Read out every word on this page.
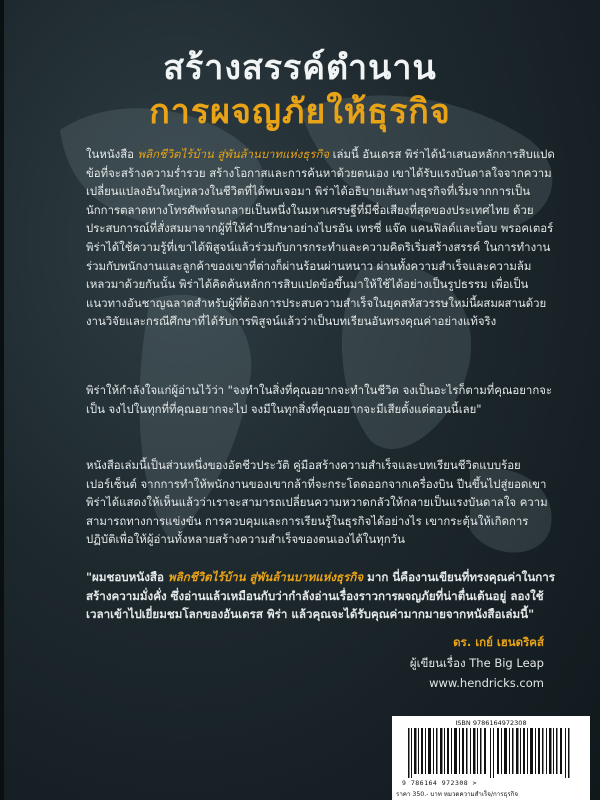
สร้างสรรค์ตำนาน
การผจญภัยให้ธุรกิจ
ในหนังสือ พลิกชีวิตไร้บ้าน สู่พันล้านบาทแห่งธุรกิจ เล่มนี้ อันเดรส พิร่าได้นำเสนอหลักการสิบแปดข้อที่จะสร้างความร่ำรวย สร้างโอกาสและการค้นหาด้วยตนเอง เขาได้รับแรงบันดาลใจจากความเปลี่ยนแปลงอันใหญ่หลวงในชีวิตที่ได้พบเจอมา พิร่าได้อธิบายเส้นทางธุรกิจที่เริ่มจากการเป็นนักการตลาดทางโทรศัพท์จนกลายเป็นหนึ่งในมหาเศรษฐีที่มีชื่อเสียงที่สุดของประเทศไทย ด้วยประสบการณ์ที่สั่งสมมาจากผู้ที่ให้คำปรึกษาอย่างไบรอัน เทรซี่ แจ๊ค แคนฟิลด์และบ็อบ พรอคเตอร์ พิร่าได้ใช้ความรู้ที่เขาได้พิสูจน์แล้วร่วมกับการกระทำและความคิดริเริ่มสร้างสรรค์ ในการทำงานร่วมกับพนักงานและลูกค้าของเขาที่ต่างก็ผ่านร้อนผ่านหนาว ผ่านทั้งความสำเร็จและความล้มเหลวมาด้วยกันนั้น พิร่าได้คิดค้นหลักการสิบแปดข้อขึ้นมาให้ใช้ได้อย่างเป็นรูปธรรม เพื่อเป็นแนวทางอันชาญฉลาดสำหรับผู้ที่ต้องการประสบความสำเร็จในยุคสหัสวรรษใหม่นี้ผสมผสานด้วยงานวิจัยและกรณีศึกษาที่ได้รับการพิสูจน์แล้วว่าเป็นบทเรียนอันทรงคุณค่าอย่างแท้จริง
พิร่าให้กำลังใจแก่ผู้อ่านไว้ว่า "จงทำในสิ่งที่คุณอยากจะทำในชีวิต จงเป็นอะไรก็ตามที่คุณอยากจะเป็น จงไปในทุกที่ที่คุณอยากจะไป จงมีในทุกสิ่งที่คุณอยากจะมีเสียตั้งแต่ตอนนี้เลย"
หนังสือเล่มนี้เป็นส่วนหนึ่งของอัตชีวประวัติ คู่มือสร้างความสำเร็จและบทเรียนชีวิตแบบร้อยเปอร์เซ็นต์ จากการทำให้พนักงานของเขากล้าที่จะกระโดดออกจากเครื่องบิน ปีนขึ้นไปสู่ยอดเขา พิร่าได้แสดงให้เห็นแล้วว่าเราจะสามารถเปลี่ยนความหวาดกลัวให้กลายเป็นแรงบันดาลใจ ความสามารถทางการแข่งขัน การควบคุมและการเรียนรู้ในธุรกิจได้อย่างไร เขากระตุ้นให้เกิดการปฏิบัติเพื่อให้ผู้อ่านทั้งหลายสร้างความสำเร็จของตนเองได้ในทุกวัน
"ผมชอบหนังสือ พลิกชีวิตไร้บ้าน สู่พันล้านบาทแห่งธุรกิจ มาก นี่คืองานเขียนที่ทรงคุณค่าในการสร้างความมั่งคั่ง ซึ่งอ่านแล้วเหมือนกับว่ากำลังอ่านเรื่องราวการผจญภัยที่น่าตื่นเต้นอยู่ ลองใช้เวลาเข้าไปเยี่ยมชมโลกของอันเดรส พิร่า แล้วคุณจะได้รับคุณค่ามากมายจากหนังสือเล่มนี้"
ดร. เกย์ เฮนดริคส์
ผู้เขียนเรื่อง The Big Leap
www.hendricks.com
ISBN 9786164972308
9 786164 972308 >
ราคา 350.- บาท หมวดความสำเร็จ/การธุรกิจ
